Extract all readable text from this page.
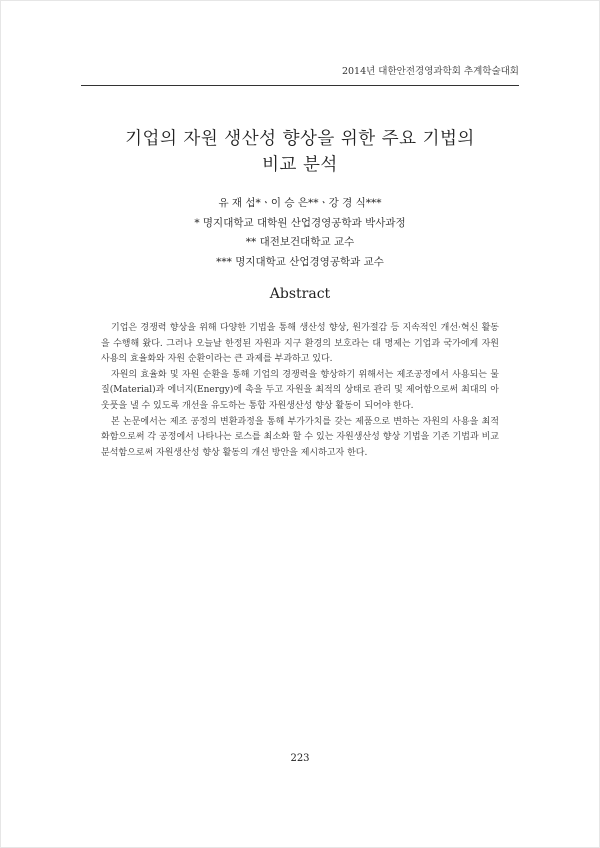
2014년 대한안전경영과학회 추계학술대회
기업의 자원 생산성 향상을 위한 주요 기법의
비교 분석
유 재 섭*ㆍ이 승 은**ㆍ강 경 식***
* 명지대학교 대학원 산업경영공학과 박사과정
** 대전보건대학교 교수
*** 명지대학교 산업경영공학과 교수
Abstract

기업은 경쟁력 향상을 위해 다양한 기법을 통해 생산성 향상, 원가절감 등 지속적인 개선·혁신 활동을 수행해 왔다. 그러나 오늘날 한정된 자원과 지구 환경의 보호라는 대 명제는 기업과 국가에게 자원 사용의 효율화와 자원 순환이라는 큰 과제를 부과하고 있다.

자원의 효율화 및 자원 순환을 통해 기업의 경쟁력을 향상하기 위해서는 제조공정에서 사용되는 물질(Material)과 에너지(Energy)에 촉을 두고 자원을 최적의 상태로 관리 및 제어함으로써 최대의 아웃풋을 낼 수 있도록 개선을 유도하는 통합 자원생산성 향상 활동이 되어야 한다.

본 논문에서는 제조 공정의 변환과정을 통해 부가가치를 갖는 제품으로 변하는 자원의 사용을 최적화함으로써 각 공정에서 나타나는 로스를 최소화 할 수 있는 자원생산성 향상 기법을 기존 기법과 비교 분석함으로써 자원생산성 향상 활동의 개선 방안을 제시하고자 한다.

223
